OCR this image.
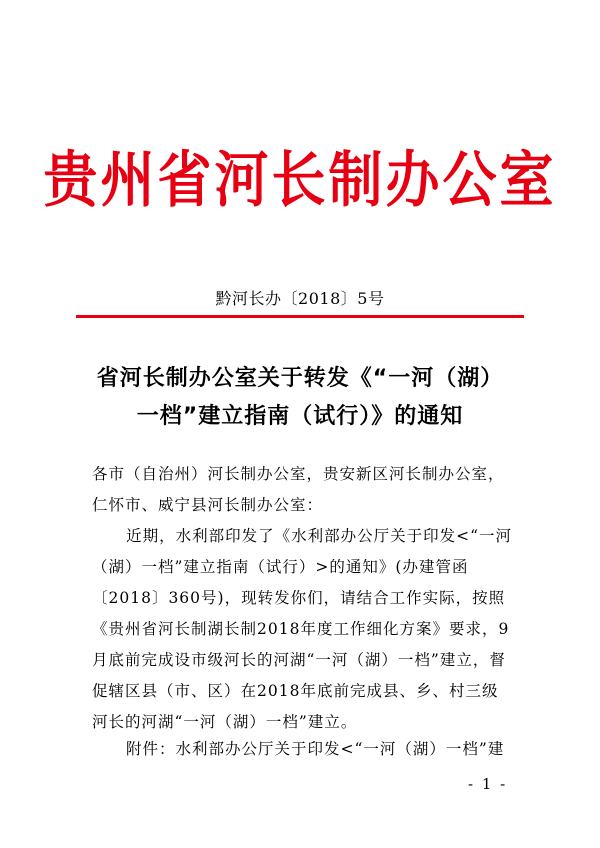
贵州省河长制办公室
黔河长办〔2018〕5号
省河长制办公室关于转发《“一河（湖）
一档”建立指南（试行）》的通知
各市（自治州）河长制办公室，贵安新区河长制办公室，仁怀市、威宁县河长制办公室：
近期，水利部印发了《水利部办公厅关于印发<“一河（湖）一档”建立指南（试行）>的通知》(办建管函〔2018〕360号)，现转发你们，请结合工作实际，按照《贵州省河长制湖长制2018年度工作细化方案》要求，9月底前完成设市级河长的河湖“一河（湖）一档”建立，督促辖区县（市、区）在2018年底前完成县、乡、村三级河长的河湖“一河（湖）一档”建立。
附件：水利部办公厅关于印发<“一河（湖）一档”建
- 1 -
